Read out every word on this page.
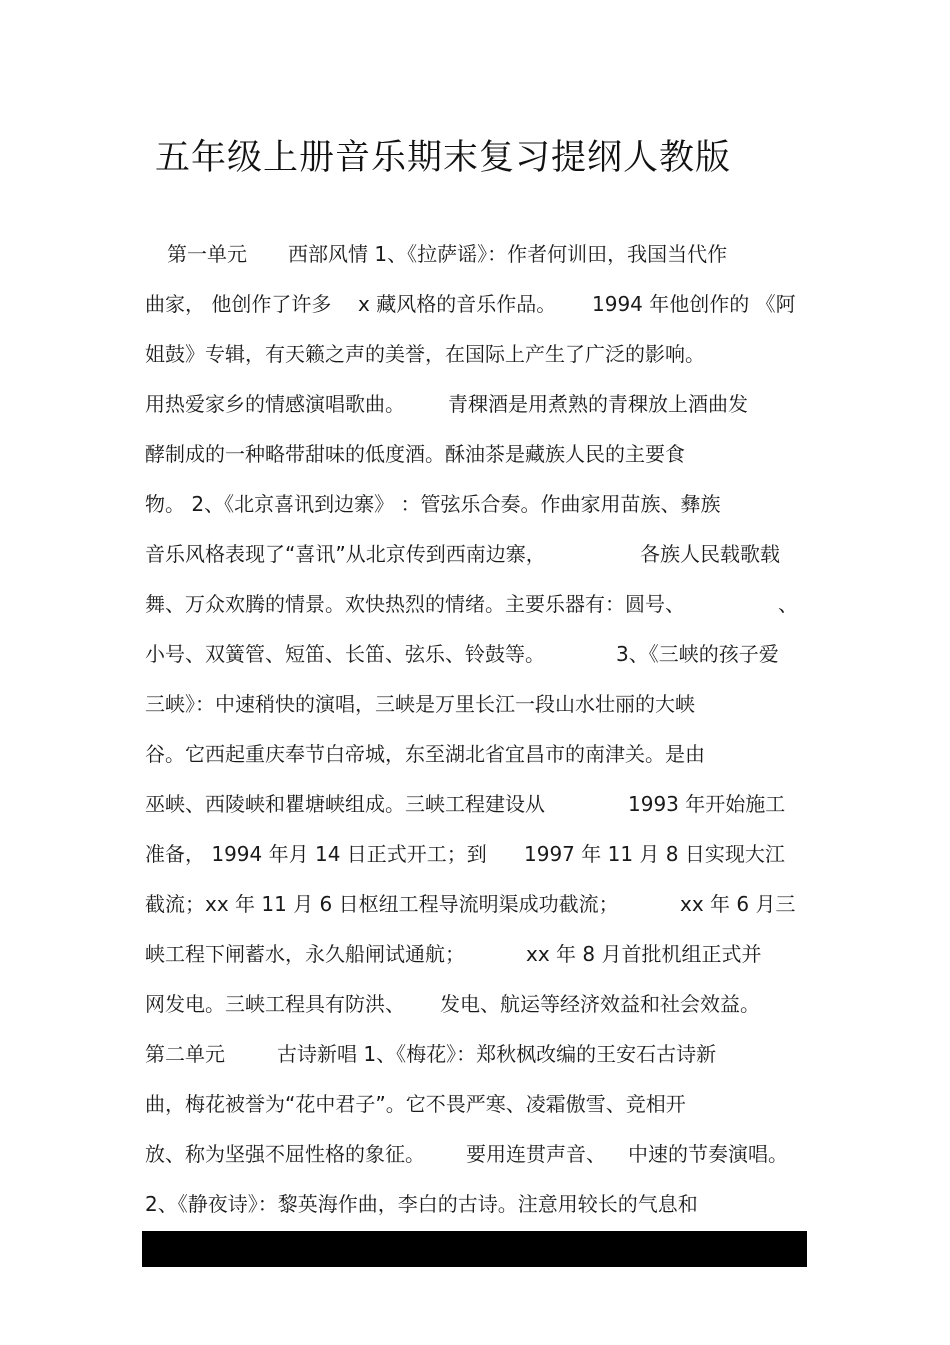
五年级上册音乐期末复习提纲人教版
第一单元 西部风情 1、《拉萨谣》：作者何训田，我国当代作
曲家， 他创作了许多 x 藏风格的音乐作品。 1994 年他创作的 《阿
姐鼓》专辑，有天籁之声的美誉，在国际上产生了广泛的影响。
用热爱家乡的情感演唱歌曲。 青稞酒是用煮熟的青稞放上酒曲发
酵制成的一种略带甜味的低度酒。酥油茶是藏族人民的主要食
物。 2、《北京喜讯到边寨》 ：管弦乐合奏。作曲家用苗族、彝族
音乐风格表现了“喜讯”从北京传到西南边寨，	各族人民载歌载
舞、万众欢腾的情景。欢快热烈的情绪。主要乐器有：圆号、	、
小号、双簧管、短笛、长笛、弦乐、铃鼓等。	3、《三峡的孩子爱
三峡》：中速稍快的演唱，三峡是万里长江一段山水壮丽的大峡
谷。它西起重庆奉节白帝城，东至湖北省宜昌市的南津关。是由
巫峡、西陵峡和瞿塘峡组成。三峡工程建设从	1993 年开始施工
准备， 1994 年月 14 日正式开工；到 1997 年 11 月 8 日实现大江
截流；xx 年 11 月 6 日枢纽工程导流明渠成功截流；	xx 年 6 月三
峡工程下闸蓄水，永久船闸试通航；	xx 年 8 月首批机组正式并
网发电。三峡工程具有防洪、 发电、航运等经济效益和社会效益。
第二单元	古诗新唱 1、《梅花》：郑秋枫改编的王安石古诗新
曲，梅花被誉为“花中君子”。它不畏严寒、凌霜傲雪、竞相开
放、称为坚强不屈性格的象征。 要用连贯声音、 中速的节奏演唱。
2、《静夜诗》：黎英海作曲，李白的古诗。注意用较长的气息和
